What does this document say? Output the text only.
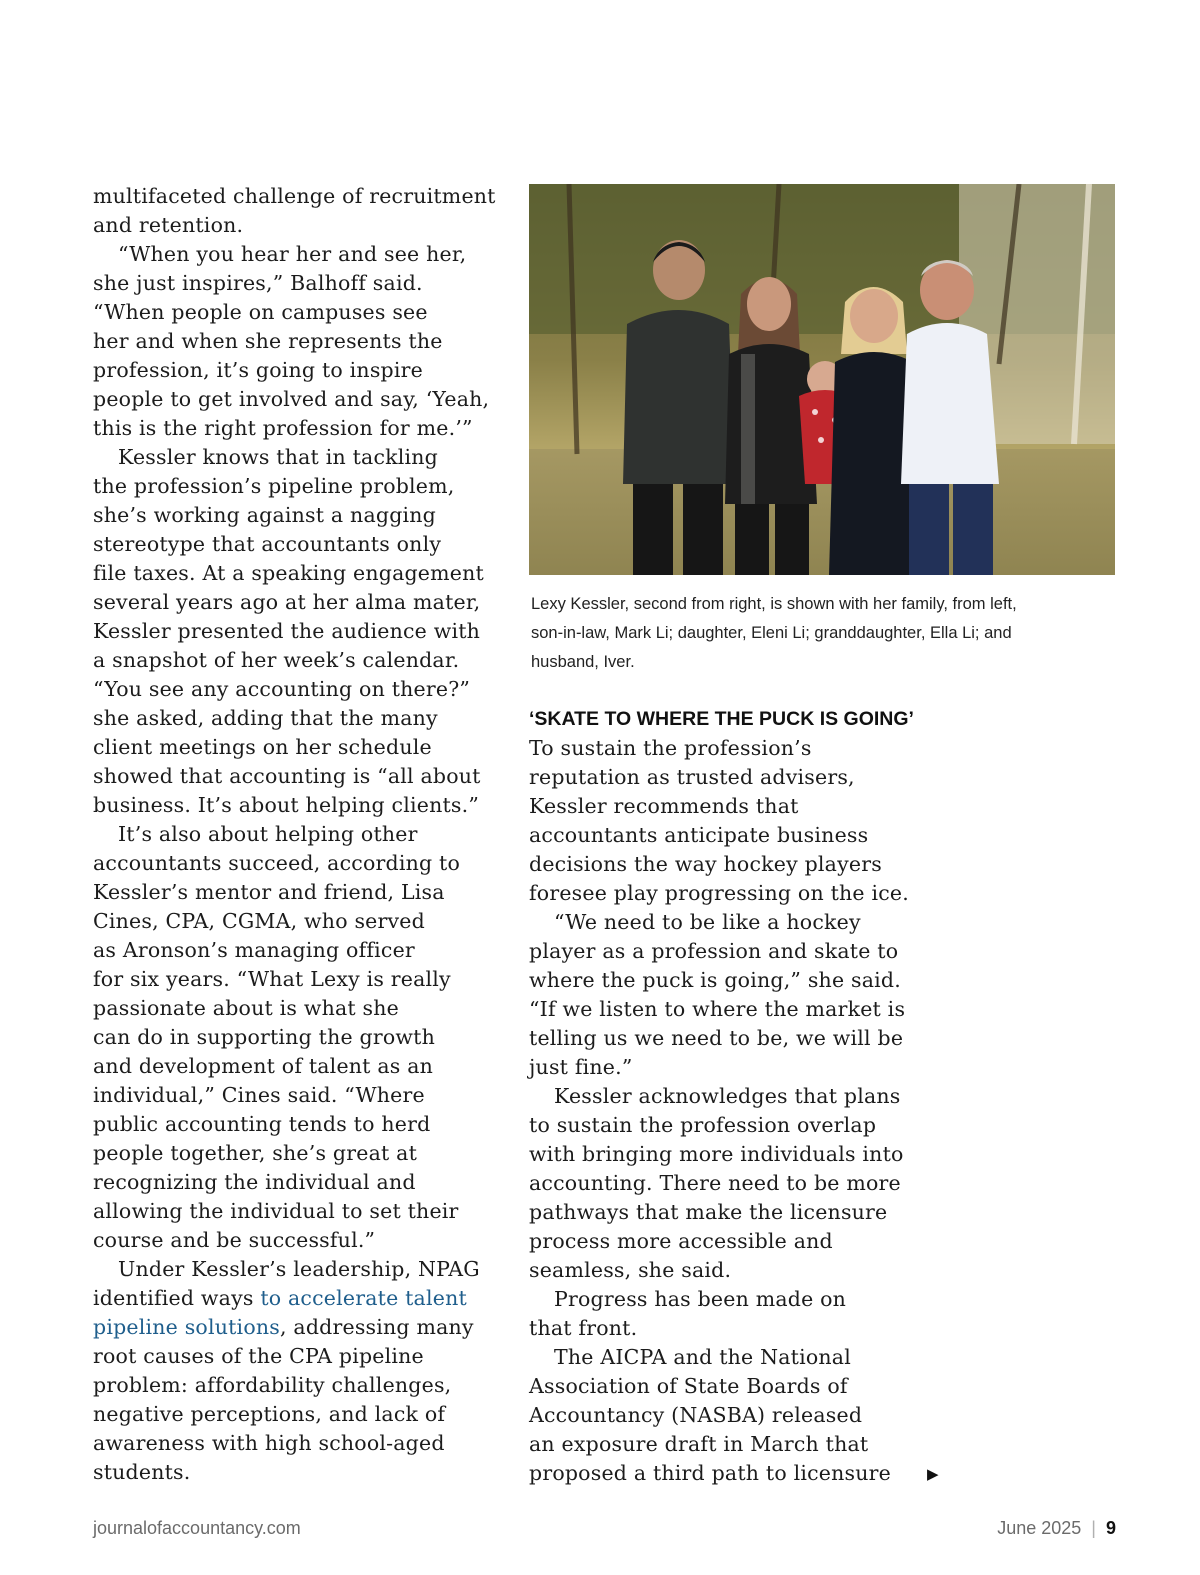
multifaceted challenge of recruitment
and retention.
“When you hear her and see her,
she just inspires,” Balhoff said.
“When people on campuses see
her and when she represents the
profession, it’s going to inspire
people to get involved and say, ‘Yeah,
this is the right profession for me.’”
Kessler knows that in tackling
the profession’s pipeline problem,
she’s working against a nagging
stereotype that accountants only
file taxes. At a speaking engagement
several years ago at her alma mater,
Kessler presented the audience with
a snapshot of her week’s calendar.
“You see any accounting on there?”
she asked, adding that the many
client meetings on her schedule
showed that accounting is “all about
business. It’s about helping clients.”
It’s also about helping other
accountants succeed, according to
Kessler’s mentor and friend, Lisa
Cines, CPA, CGMA, who served
as Aronson’s managing officer
for six years. “What Lexy is really
passionate about is what she
can do in supporting the growth
and development of talent as an
individual,” Cines said. “Where
public accounting tends to herd
people together, she’s great at
recognizing the individual and
allowing the individual to set their
course and be successful.”
Under Kessler’s leadership, NPAG
identified ways to accelerate talent
pipeline solutions, addressing many
root causes of the CPA pipeline
problem: affordability challenges,
negative perceptions, and lack of
awareness with high school-aged
students.
Lexy Kessler, second from right, is shown with her family, from left,
son-in-law, Mark Li; daughter, Eleni Li; granddaughter, Ella Li; and
husband, Iver.
‘SKATE TO WHERE THE PUCK IS GOING’
To sustain the profession’s
reputation as trusted advisers,
Kessler recommends that
accountants anticipate business
decisions the way hockey players
foresee play progressing on the ice.
“We need to be like a hockey
player as a profession and skate to
where the puck is going,” she said.
“If we listen to where the market is
telling us we need to be, we will be
just fine.”
Kessler acknowledges that plans
to sustain the profession overlap
with bringing more individuals into
accounting. There need to be more
pathways that make the licensure
process more accessible and
seamless, she said.
Progress has been made on
that front.
The AICPA and the National
Association of State Boards of
Accountancy (NASBA) released
an exposure draft in March that
proposed a third path to licensure ▶
journalofaccountancy.com	June 2025 | 9
